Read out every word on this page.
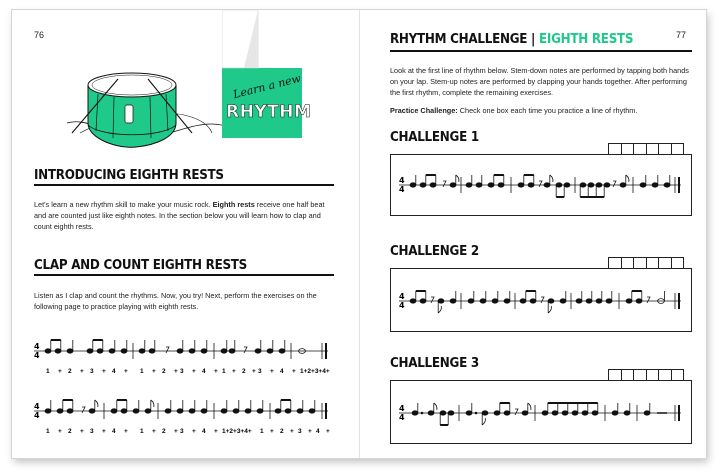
76
Learn a new
RHYTHM
INTRODUCING EIGHTH RESTS
Let's learn a new rhythm skill to make your music rock. Eighth rests receive one half beat and are counted just like eighth notes. In the section below you will learn how to clap and count eighth rests.
CLAP AND COUNT EIGHTH RESTS
Listen as I clap and count the rhythms. Now, you try! Next, perform the exercises on the following page to practice playing with eighth rests.
4
4
1 + 2 + 3 + 4 + 1 + 2 + 3 + 4 + 1 + 2 + 3 + 4 + 1+2+3+4+
4
4
1 + 2 + 3 + 4 + 1 + 2 + 3 + 4 + 1+2+3+4+ 1 + 2 + 3 + 4 +
77
RHYTHM CHALLENGE | EIGHTH RESTS
Look at the first line of rhythm below. Stem-down notes are performed by tapping both hands on your lap. Stem-up notes are performed by clapping your hands together. After performing the first rhythm, complete the remaining exercises.
Practice Challenge: Check one box each time you practice a line of rhythm.
CHALLENGE 1
4
4
CHALLENGE 2
4
4
CHALLENGE 3
4
4
